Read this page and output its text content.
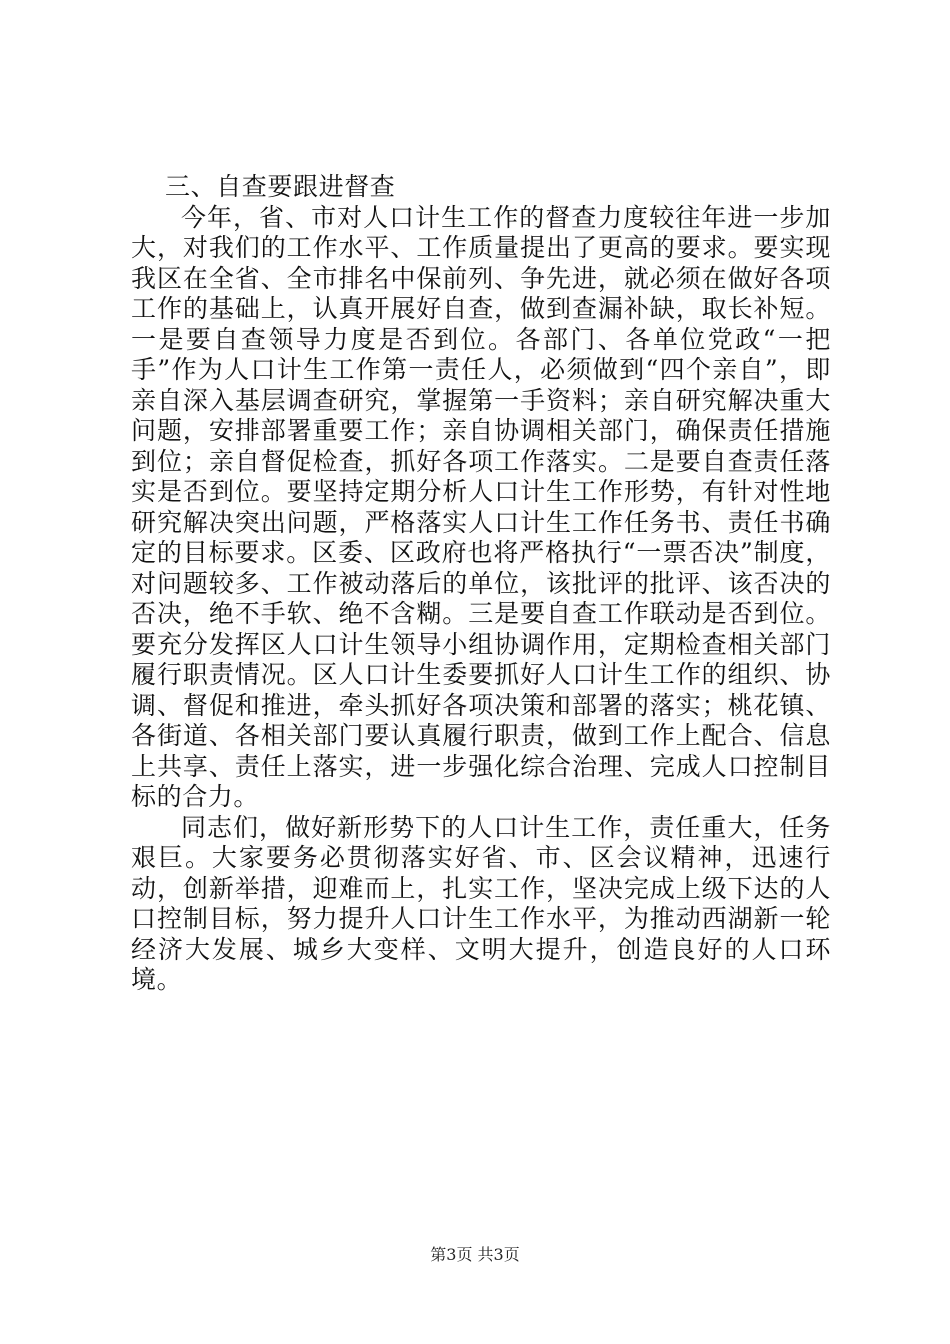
三、自查要跟进督查

今年，省、市对人口计生工作的督查力度较往年进一步加大，对我们的工作水平、工作质量提出了更高的要求。要实现我区在全省、全市排名中保前列、争先进，就必须在做好各项工作的基础上，认真开展好自查，做到查漏补缺，取长补短。一是要自查领导力度是否到位。各部门、各单位党政“一把手”作为人口计生工作第一责任人，必须做到“四个亲自”，即亲自深入基层调查研究，掌握第一手资料；亲自研究解决重大问题，安排部署重要工作；亲自协调相关部门，确保责任措施到位；亲自督促检查，抓好各项工作落实。二是要自查责任落实是否到位。要坚持定期分析人口计生工作形势，有针对性地研究解决突出问题，严格落实人口计生工作任务书、责任书确定的目标要求。区委、区政府也将严格执行“一票否决”制度，对问题较多、工作被动落后的单位，该批评的批评、该否决的否决，绝不手软、绝不含糊。三是要自查工作联动是否到位。要充分发挥区人口计生领导小组协调作用，定期检查相关部门履行职责情况。区人口计生委要抓好人口计生工作的组织、协调、督促和推进，牵头抓好各项决策和部署的落实；桃花镇、各街道、各相关部门要认真履行职责，做到工作上配合、信息上共享、责任上落实，进一步强化综合治理、完成人口控制目标的合力。

同志们，做好新形势下的人口计生工作，责任重大，任务艰巨。大家要务必贯彻落实好省、市、区会议精神，迅速行动，创新举措，迎难而上，扎实工作，坚决完成上级下达的人口控制目标，努力提升人口计生工作水平，为推动西湖新一轮经济大发展、城乡大变样、文明大提升，创造良好的人口环境。

第3页 共3页
